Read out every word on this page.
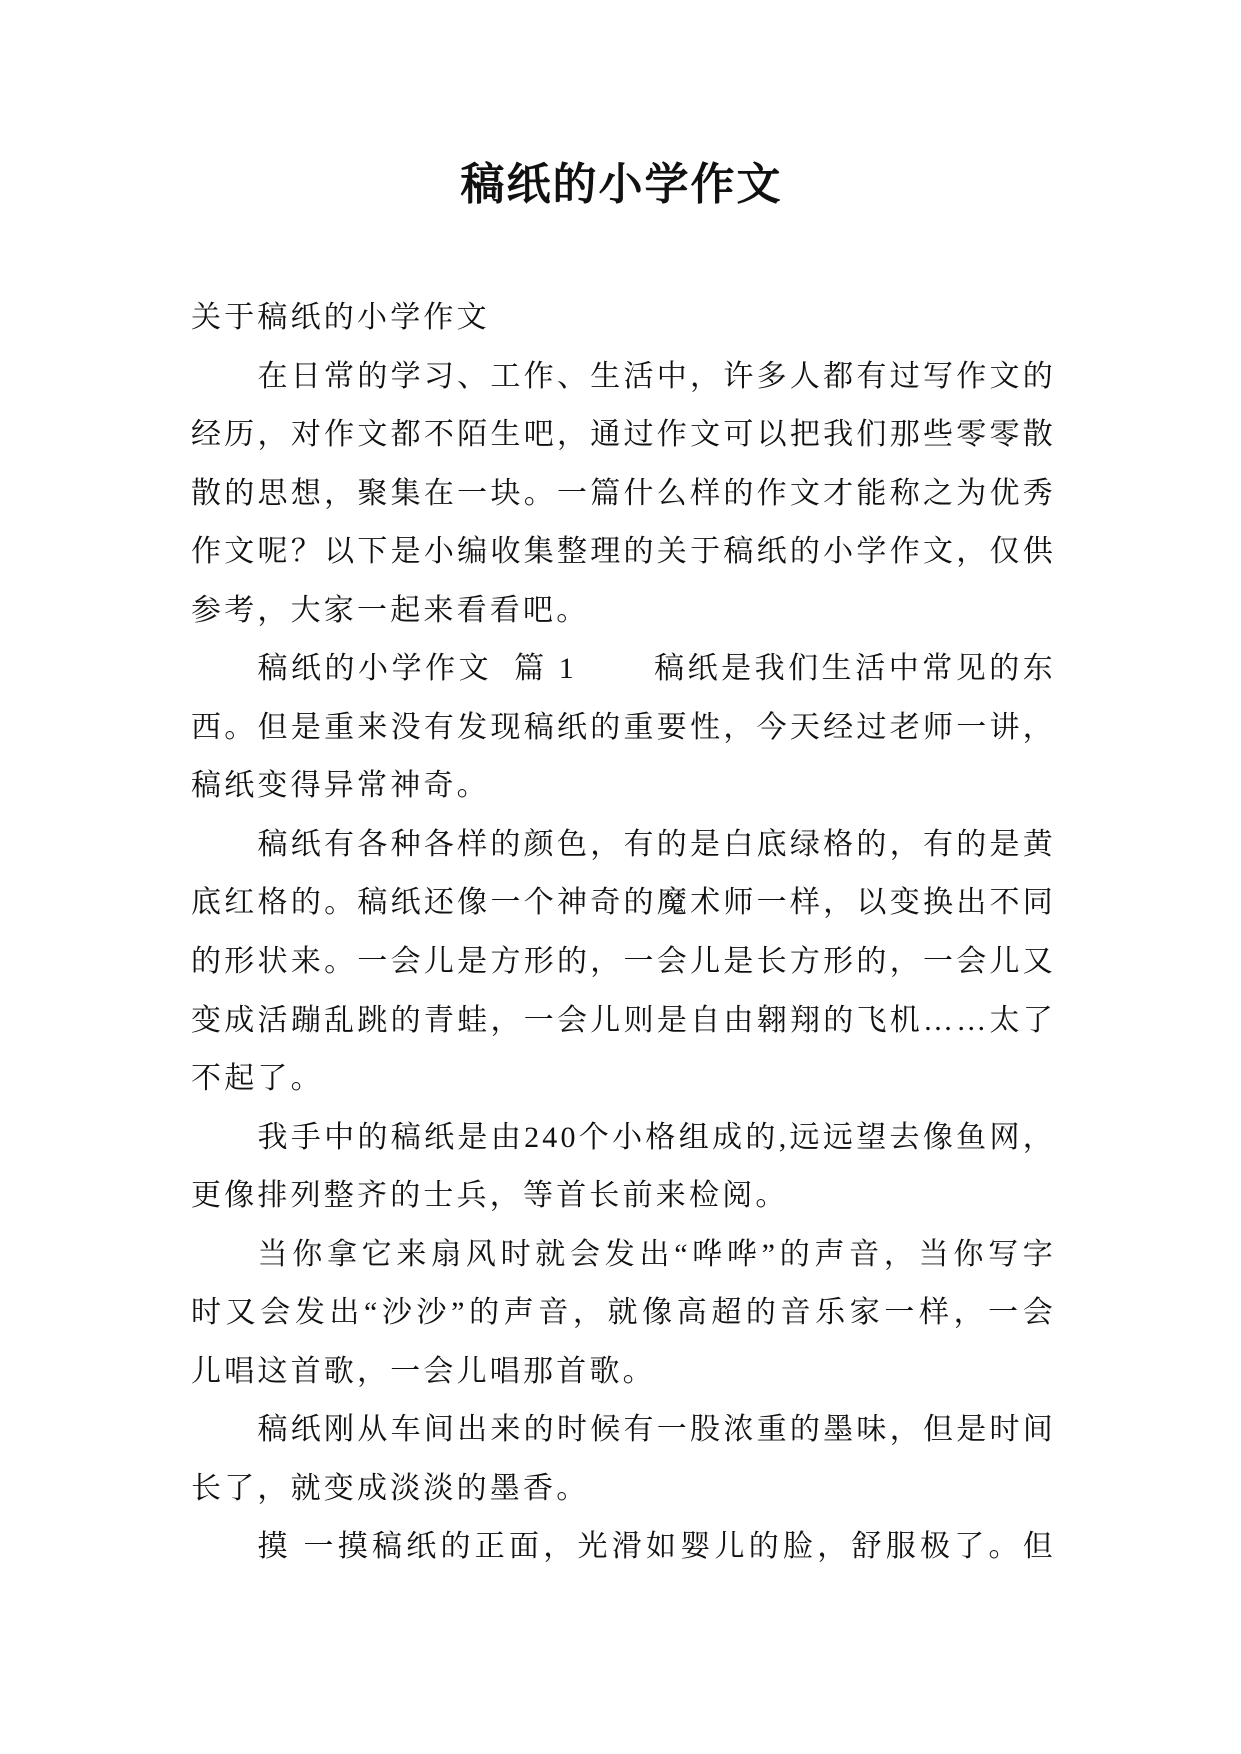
稿纸的小学作文
关于稿纸的小学作文
在日常的学习、工作、生活中，许多人都有过写作文的
经历，对作文都不陌生吧，通过作文可以把我们那些零零散
散的思想，聚集在一块。一篇什么样的作文才能称之为优秀
作文呢？以下是小编收集整理的关于稿纸的小学作文，仅供
参考，大家一起来看看吧。
稿纸的小学作文  篇 1       稿纸是我们生活中常见的东
西。但是重来没有发现稿纸的重要性，今天经过老师一讲，
稿纸变得异常神奇。
稿纸有各种各样的颜色，有的是白底绿格的，有的是黄
底红格的。稿纸还像一个神奇的魔术师一样，以变换出不同
的形状来。一会儿是方形的，一会儿是长方形的，一会儿又
变成活蹦乱跳的青蛙，一会儿则是自由翱翔的飞机……太了
不起了。
我手中的稿纸是由240个小格组成的,远远望去像鱼网，
更像排列整齐的士兵，等首长前来检阅。
当你拿它来扇风时就会发出“哗哗”的声音，当你写字
时又会发出“沙沙”的声音，就像高超的音乐家一样，一会
儿唱这首歌，一会儿唱那首歌。
稿纸刚从车间出来的时候有一股浓重的墨味，但是时间
长了，就变成淡淡的墨香。
摸 一摸稿纸的正面，光滑如婴儿的脸，舒服极了。但
